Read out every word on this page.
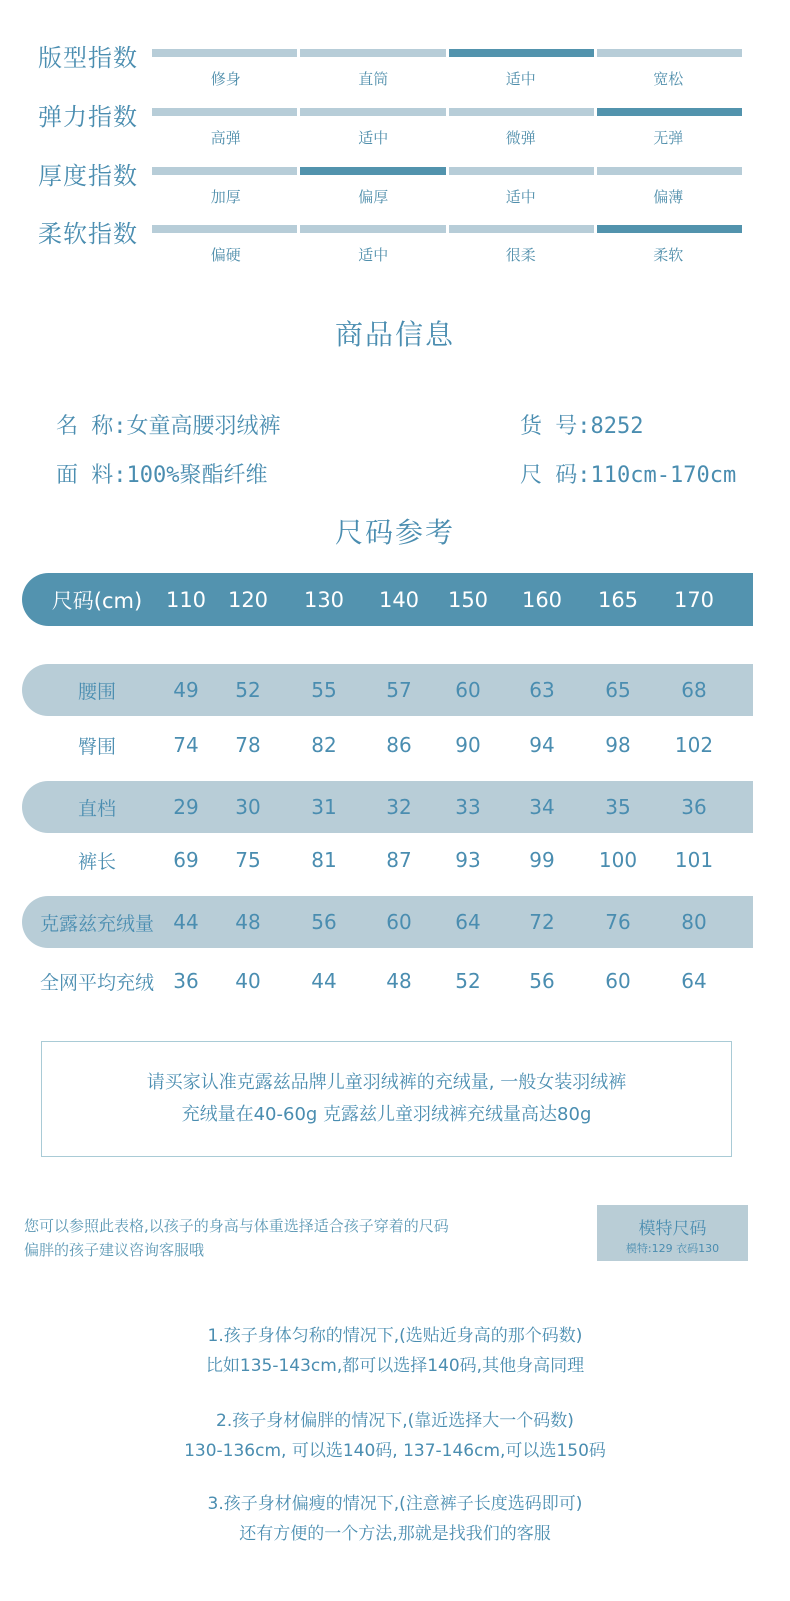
版型指数
修身	直筒	适中	宽松
弹力指数
高弹	适中	微弹	无弹
厚度指数
加厚	偏厚	适中	偏薄
柔软指数
偏硬	适中	很柔	柔软
商品信息
名 称:女童高腰羽绒裤	货 号:8252
面 料:100%聚酯纤维	尺 码:110cm-170cm
尺码参考
尺码(cm)	110 120 130 140 150 160 165 170
腰围	49 52	55 57 60 63	65	68
臀围	74 78	82 86 90 94	98 102
直档	29 30	31 32 33 34	35	36
裤长	69 75	81 87 93 99 100 101
克露兹充绒量 44 48	56 60 64 72	76	80
全网平均充绒 36 40	44 48 52 56	60	64
请买家认准克露兹品牌儿童羽绒裤的充绒量, 一般女装羽绒裤
充绒量在40-60g 克露兹儿童羽绒裤充绒量高达80g
您可以参照此表格,以孩子的身高与体重选择适合孩子穿着的尺码
偏胖的孩子建议咨询客服哦
模特尺码
模特:129 衣码130
1.孩子身体匀称的情况下,(选贴近身高的那个码数)
比如135-143cm,都可以选择140码,其他身高同理
2.孩子身材偏胖的情况下,(靠近选择大一个码数)
130-136cm, 可以选140码, 137-146cm,可以选150码
3.孩子身材偏瘦的情况下,(注意裤子长度选码即可)
还有方便的一个方法,那就是找我们的客服
